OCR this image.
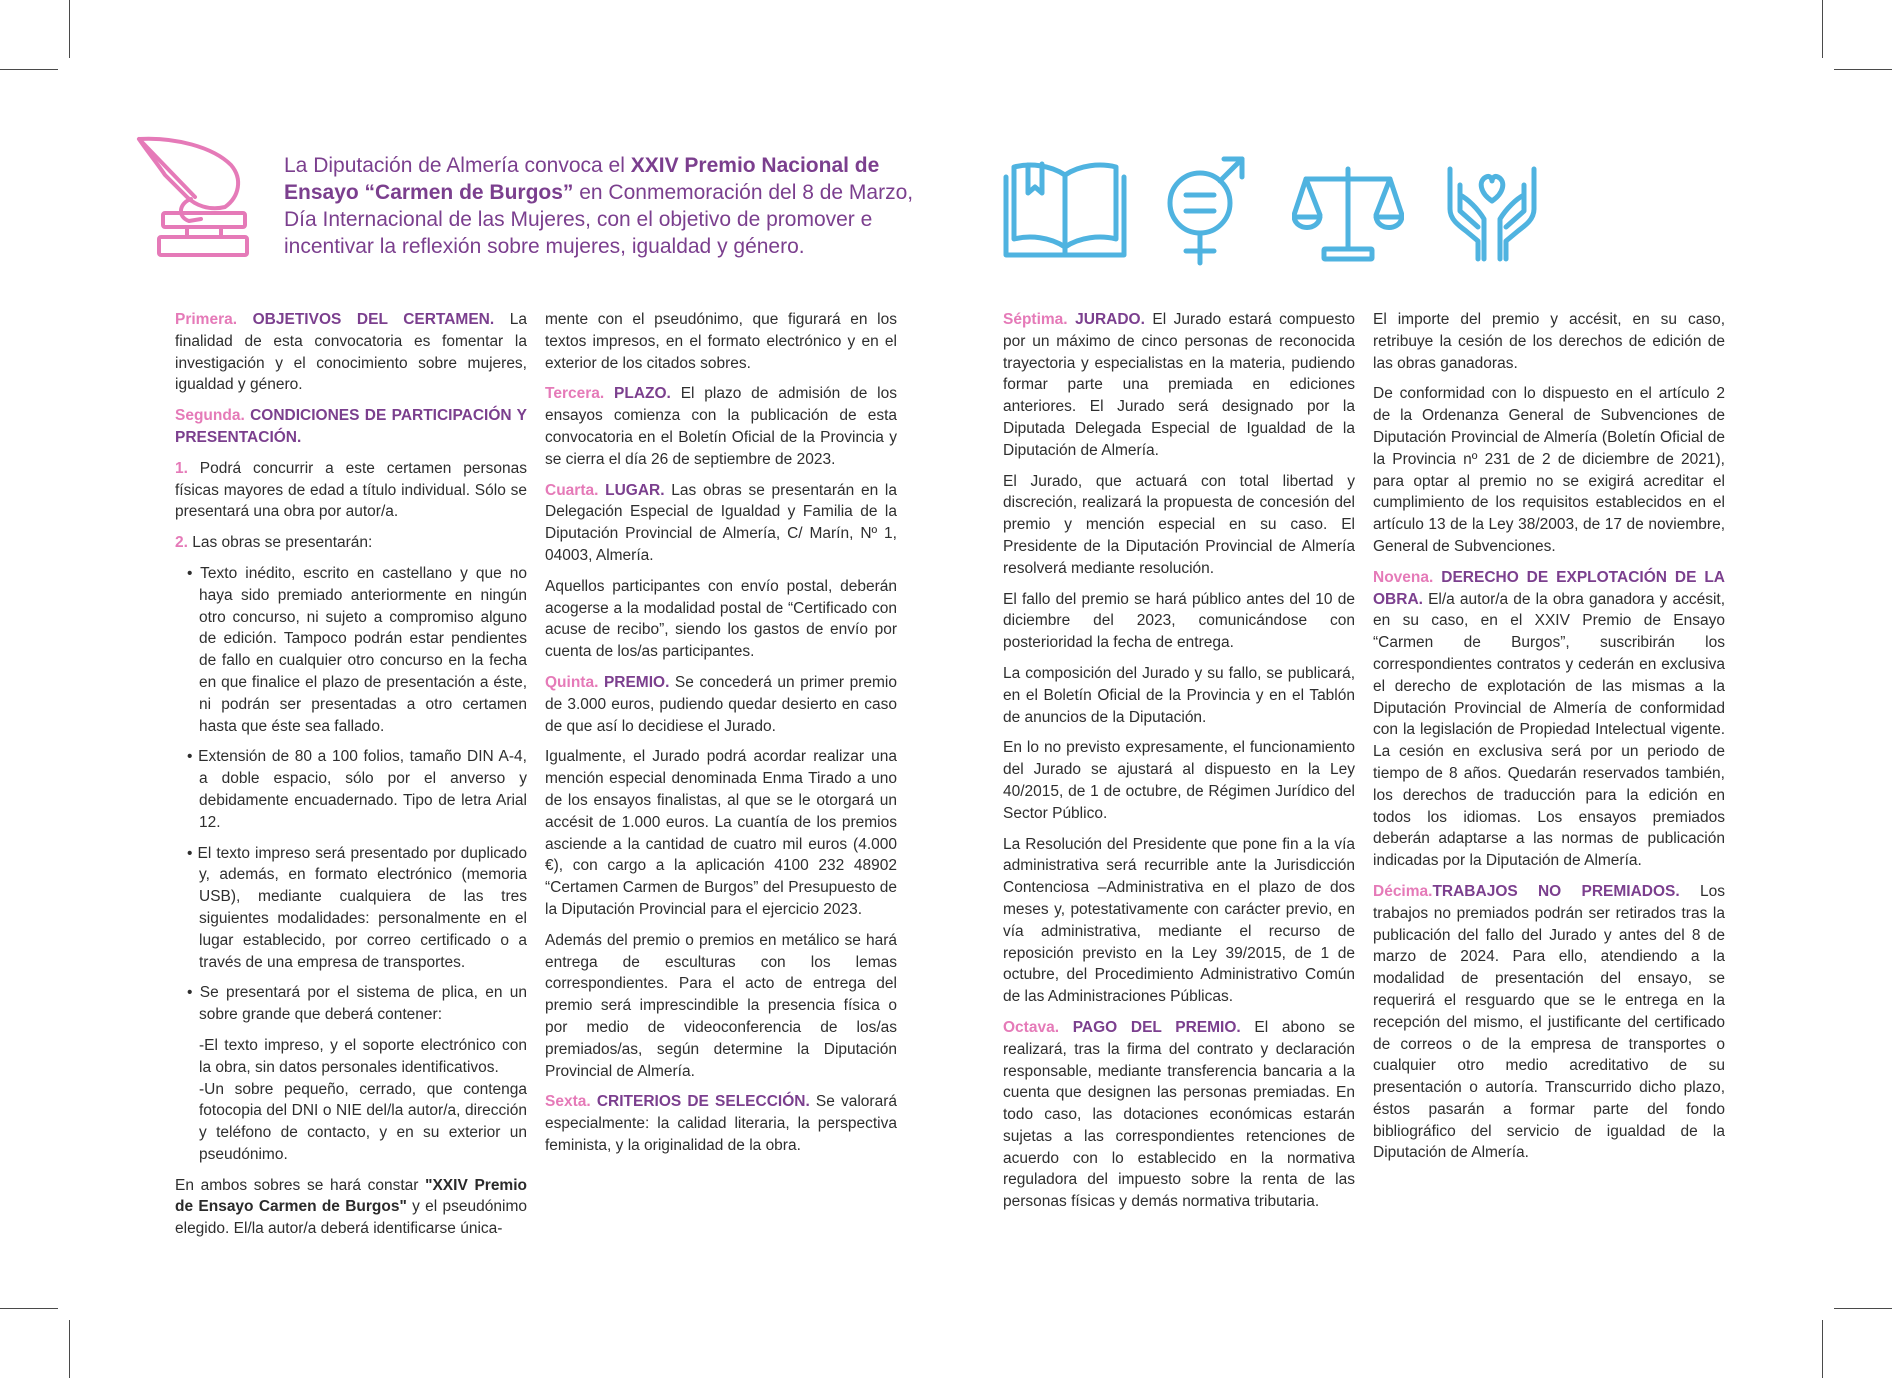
La Diputación de Almería convoca el XXIV Premio Nacional de Ensayo “Carmen de Burgos” en Conmemoración del 8 de Marzo, Día Internacional de las Mujeres, con el objetivo de promover e incentivar la reflexión sobre mujeres, igualdad y género.

Primera. OBJETIVOS DEL CERTAMEN. La finalidad de esta convocatoria es fomentar la investigación y el conocimiento sobre mujeres, igualdad y género.

Segunda. CONDICIONES DE PARTICIPACIÓN Y PRESENTACIÓN.

1. Podrá concurrir a este certamen personas físicas mayores de edad a título individual. Sólo se presentará una obra por autor/a.

2. Las obras se presentarán:

• Texto inédito, escrito en castellano y que no haya sido premiado anteriormente en ningún otro concurso, ni sujeto a compromiso alguno de edición. Tampoco podrán estar pendientes de fallo en cualquier otro concurso en la fecha en que finalice el plazo de presentación a éste, ni podrán ser presentadas a otro certamen hasta que éste sea fallado.

• Extensión de 80 a 100 folios, tamaño DIN A-4, a doble espacio, sólo por el anverso y debidamente encuadernado. Tipo de letra Arial 12.

• El texto impreso será presentado por duplicado y, además, en formato electrónico (memoria USB), mediante cualquiera de las tres siguientes modalidades: personalmente en el lugar establecido, por correo certificado o a través de una empresa de transportes.

• Se presentará por el sistema de plica, en un sobre grande que deberá contener:

-El texto impreso, y el soporte electrónico con la obra, sin datos personales identificativos.

-Un sobre pequeño, cerrado, que contenga fotocopia del DNI o NIE del/la autor/a, dirección y teléfono de contacto, y en su exterior un pseudónimo.

En ambos sobres se hará constar "XXIV Premio de Ensayo Carmen de Burgos" y el pseudónimo elegido. El/la autor/a deberá identificarse única-

mente con el pseudónimo, que figurará en los textos impresos, en el formato electrónico y en el exterior de los citados sobres.

Tercera. PLAZO. El plazo de admisión de los ensayos comienza con la publicación de esta convocatoria en el Boletín Oficial de la Provincia y se cierra el día 26 de septiembre de 2023.

Cuarta. LUGAR. Las obras se presentarán en la Delegación Especial de Igualdad y Familia de la Diputación Provincial de Almería, C/ Marín, Nº 1, 04003, Almería.

Aquellos participantes con envío postal, deberán acogerse a la modalidad postal de “Certificado con acuse de recibo”, siendo los gastos de envío por cuenta de los/as participantes.

Quinta. PREMIO. Se concederá un primer premio de 3.000 euros, pudiendo quedar desierto en caso de que así lo decidiese el Jurado.

Igualmente, el Jurado podrá acordar realizar una mención especial denominada Enma Tirado a uno de los ensayos finalistas, al que se le otorgará un accésit de 1.000 euros. La cuantía de los premios asciende a la cantidad de cuatro mil euros (4.000 €), con cargo a la aplicación 4100 232 48902 “Certamen Carmen de Burgos” del Presupuesto de la Diputación Provincial para el ejercicio 2023.

Además del premio o premios en metálico se hará entrega de esculturas con los lemas correspondientes. Para el acto de entrega del premio será imprescindible la presencia física o por medio de videoconferencia de los/as premiados/as, según determine la Diputación Provincial de Almería.

Sexta. CRITERIOS DE SELECCIÓN. Se valorará especialmente: la calidad literaria, la perspectiva feminista, y la originalidad de la obra.

Séptima. JURADO. El Jurado estará compuesto por un máximo de cinco personas de reconocida trayectoria y especialistas en la materia, pudiendo formar parte una premiada en ediciones anteriores. El Jurado será designado por la Diputada Delegada Especial de Igualdad de la Diputación de Almería.

El Jurado, que actuará con total libertad y discreción, realizará la propuesta de concesión del premio y mención especial en su caso. El Presidente de la Diputación Provincial de Almería resolverá mediante resolución.

El fallo del premio se hará público antes del 10 de diciembre del 2023, comunicándose con posterioridad la fecha de entrega.

La composición del Jurado y su fallo, se publicará, en el Boletín Oficial de la Provincia y en el Tablón de anuncios de la Diputación.

En lo no previsto expresamente, el funcionamiento del Jurado se ajustará al dispuesto en la Ley 40/2015, de 1 de octubre, de Régimen Jurídico del Sector Público.

La Resolución del Presidente que pone fin a la vía administrativa será recurrible ante la Jurisdicción Contenciosa –Administrativa en el plazo de dos meses y, potestativamente con carácter previo, en vía administrativa, mediante el recurso de reposición previsto en la Ley 39/2015, de 1 de octubre, del Procedimiento Administrativo Común de las Administraciones Públicas.

Octava. PAGO DEL PREMIO. El abono se realizará, tras la firma del contrato y declaración responsable, mediante transferencia bancaria a la cuenta que designen las personas premiadas. En todo caso, las dotaciones económicas estarán sujetas a las correspondientes retenciones de acuerdo con lo establecido en la normativa reguladora del impuesto sobre la renta de las personas físicas y demás normativa tributaria.

El importe del premio y accésit, en su caso, retribuye la cesión de los derechos de edición de las obras ganadoras.

De conformidad con lo dispuesto en el artículo 2 de la Ordenanza General de Subvenciones de Diputación Provincial de Almería (Boletín Oficial de la Provincia nº 231 de 2 de diciembre de 2021), para optar al premio no se exigirá acreditar el cumplimiento de los requisitos establecidos en el artículo 13 de la Ley 38/2003, de 17 de noviembre, General de Subvenciones.

Novena. DERECHO DE EXPLOTACIÓN DE LA OBRA. El/a autor/a de la obra ganadora y accésit, en su caso, en el XXIV Premio de Ensayo “Carmen de Burgos”, suscribirán los correspondientes contratos y cederán en exclusiva el derecho de explotación de las mismas a la Diputación Provincial de Almería de conformidad con la legislación de Propiedad Intelectual vigente. La cesión en exclusiva será por un periodo de tiempo de 8 años. Quedarán reservados también, los derechos de traducción para la edición en todos los idiomas. Los ensayos premiados deberán adaptarse a las normas de publicación indicadas por la Diputación de Almería.

Décima.TRABAJOS NO PREMIADOS. Los trabajos no premiados podrán ser retirados tras la publicación del fallo del Jurado y antes del 8 de marzo de 2024. Para ello, atendiendo a la modalidad de presentación del ensayo, se requerirá el resguardo que se le entrega en la recepción del mismo, el justificante del certificado de correos o de la empresa de transportes o cualquier otro medio acreditativo de su presentación o autoría. Transcurrido dicho plazo, éstos pasarán a formar parte del fondo bibliográfico del servicio de igualdad de la Diputación de Almería.
